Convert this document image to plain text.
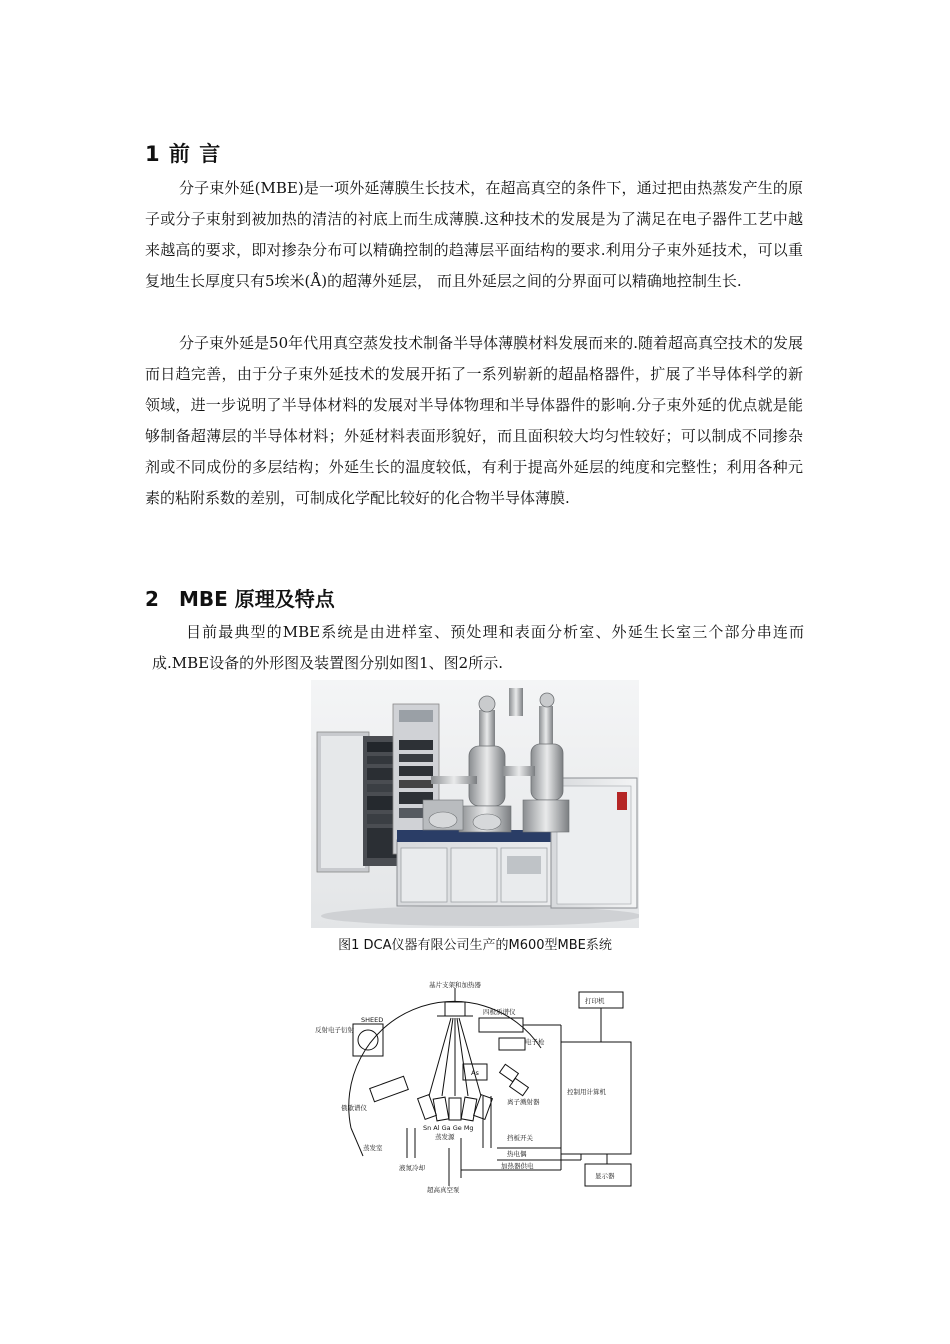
1 前 言

分子束外延(MBE)是一项外延薄膜生长技术，在超高真空的条件下，通过把由热蒸发产生的原子或分子束射到被加热的清洁的衬底上而生成薄膜.这种技术的发展是为了满足在电子器件工艺中越来越高的要求，即对掺杂分布可以精确控制的趋薄层平面结构的要求.利用分子束外延技术，可以重复地生长厚度只有5埃米(Å)的超薄外延层， 而且外延层之间的分界面可以精确地控制生长.

分子束外延是50年代用真空蒸发技术制备半导体薄膜材料发展而来的.随着超高真空技术的发展而日趋完善，由于分子束外延技术的发展开拓了一系列崭新的超晶格器件，扩展了半导体科学的新领域，进一步说明了半导体材料的发展对半导体物理和半导体器件的影响.分子束外延的优点就是能够制备超薄层的半导体材料；外延材料表面形貌好，而且面积较大均匀性较好；可以制成不同掺杂剂或不同成份的多层结构；外延生长的温度较低，有利于提高外延层的纯度和完整性；利用各种元素的粘附系数的差别，可制成化学配比较好的化合物半导体薄膜.

2 MBE 原理及特点

目前最典型的MBE系统是由进样室、预处理和表面分析室、外延生长室三个部分串连而成.MBE设备的外形图及装置图分别如图1、图2所示.

图1 DCA仪器有限公司生产的M600型MBE系统
基片支架和加热器
四极质谱仪
打印机
SHEED
反射电子衍射
电子枪
As
控制用计算机
离子溅射器
俄歇谱仪
Sn Al Ga Ge Mg
蒸发源	挡板开关
蒸发室
热电偶
显示器
加热器供电
液氮冷却
超高真空泵
